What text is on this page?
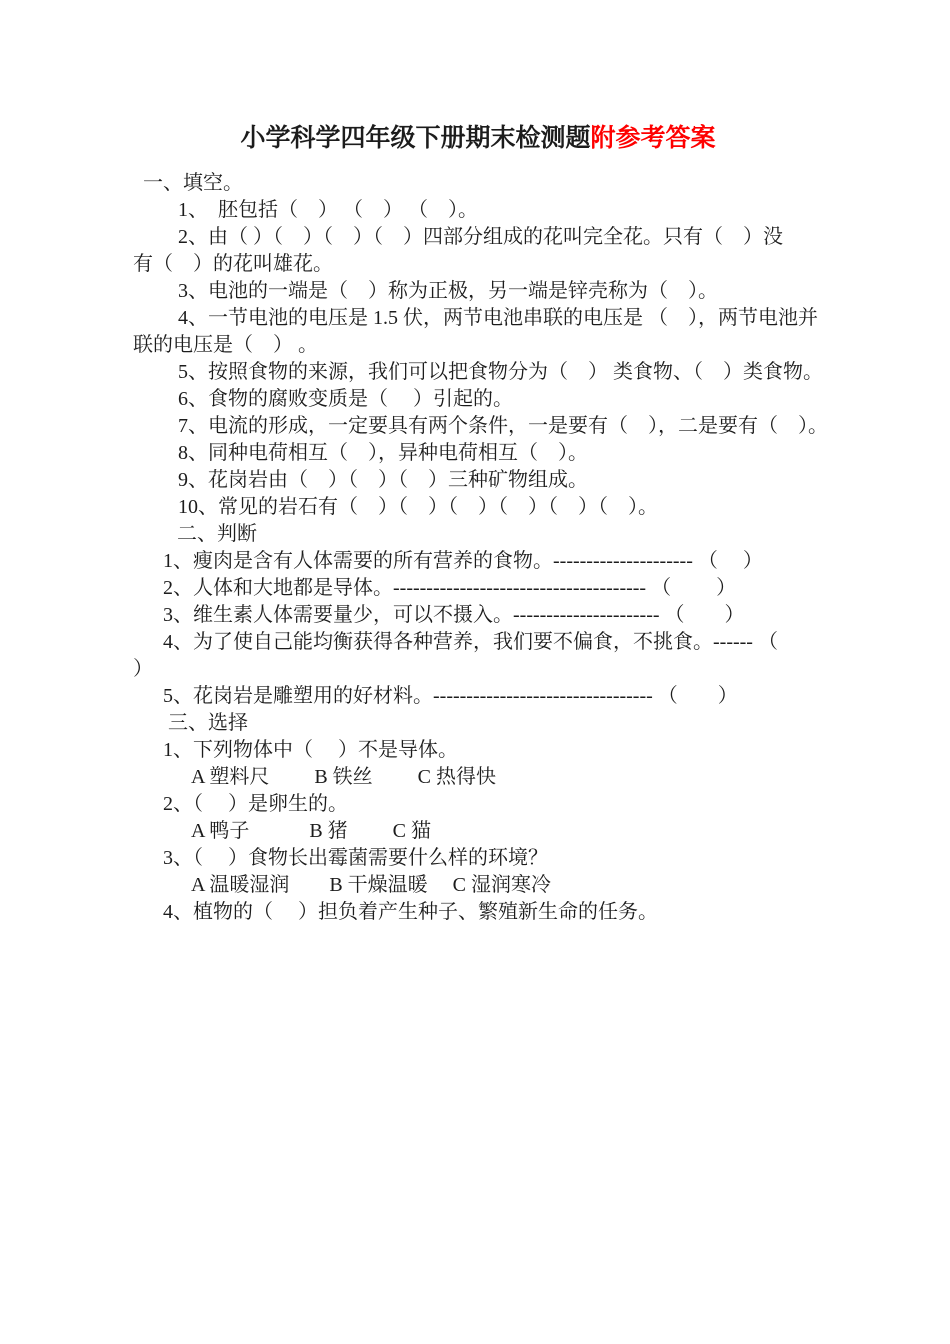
小学科学四年级下册期末检测题附参考答案
一、填空。
1、　胚包括（　） （　） （　）。
2、由（ ）（　）（　）（　）四部分组成的花叫完全花。只有（　）没
有（　）的花叫雄花。
3、电池的一端是（　）称为正极，另一端是锌壳称为（　）。
4、一节电池的电压是 1.5 伏，两节电池串联的电压是 （　），两节电池并
联的电压是（　） 。
5、按照食物的来源，我们可以把食物分为（　） 类食物、（　）类食物。
6、食物的腐败变质是（　 ）引起的。
7、电流的形成，一定要具有两个条件，一是要有（　），二是要有（　）。
8、同种电荷相互（　），异种电荷相互（　）。
9、花岗岩由（　）（　）（　）三种矿物组成。
10、常见的岩石有（　）（　）（　）（　）（　）（　）。
二、判断
1、瘦肉是含有人体需要的所有营养的食物。--------------------- （　 ）
2、人体和大地都是导体。-------------------------------------- （　　 ）
3、维生素人体需要量少，可以不摄入。---------------------- （　　）
4、为了使自己能均衡获得各种营养，我们要不偏食，不挑食。------ （
）
5、花岗岩是雕塑用的好材料。--------------------------------- （　　）
三、选择
1、下列物体中（　 ）不是导体。
A 塑料尺　　 B 铁丝　　 C 热得快
2、（　 ）是卵生的。
A 鸭子　　　B 猪　　 C 猫
3、（　 ）食物长出霉菌需要什么样的环境？
A 温暖湿润　　B 干燥温暖　 C 湿润寒冷
4、植物的（　 ）担负着产生种子、繁殖新生命的任务。
